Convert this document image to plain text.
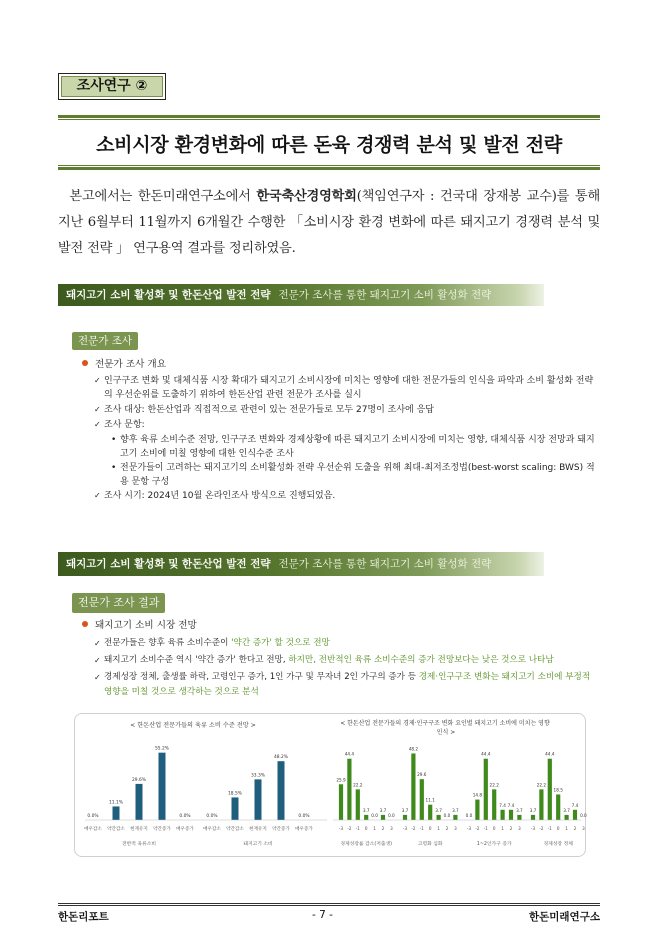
조사연구 ②
소비시장 환경변화에 따른 돈육 경쟁력 분석 및 발전 전략
본고에서는 한돈미래연구소에서 한국축산경영학회(책임연구자 : 건국대 장재봉 교수)를 통해 지난 6월부터 11월까지 6개월간 수행한 「소비시장 환경 변화에 따른 돼지고기 경쟁력 분석 및 발전 전략 」 연구용역 결과를 정리하였음.
돼지고기 소비 활성화 및 한돈산업 발전 전략 전문가 조사를 통한 돼지고기 소비 활성화 전략
전문가 조사
전문가 조사 개요
✓ 인구구조 변화 및 대체식품 시장 확대가 돼지고기 소비시장에 미치는 영향에 대한 전문가들의 인식을 파악과 소비 활성화 전략의 우선순위를 도출하기 위하여 한돈산업 관련 전문가 조사를 실시
✓ 조사 대상: 한돈산업과 직접적으로 관련이 있는 전문가들로 모두 27명이 조사에 응답
✓ 조사 문항:
• 향후 육류 소비수준 전망, 인구구조 변화와 경제상황에 따른 돼지고기 소비시장에 미치는 영향, 대체식품 시장 전망과 돼지고기 소비에 미칠 영향에 대한 인식수준 조사
• 전문가들이 고려하는 돼지고기의 소비활성화 전략 우선순위 도출을 위해 최대-최저조정법(best-worst scaling: BWS) 적용 문항 구성
✓ 조사 시기: 2024년 10월 온라인조사 방식으로 진행되었음.
돼지고기 소비 활성화 및 한돈산업 발전 전략 전문가 조사를 통한 돼지고기 소비 활성화 전략
전문가 조사 결과
돼지고기 소비 시장 전망
✓ 전문가들은 향후 육류 소비수준이 '약간 증가' 할 것으로 전망
✓ 돼지고기 소비수준 역시 '약간 증가' 한다고 전망, 하지만, 전반적인 육류 소비수준의 증가 전망보다는 낮은 것으로 나타남
✓ 경제성장 정체, 출생률 하락, 고령인구 증가, 1인 가구 및 무자녀 2인 가구의 증가 등 경제·인구구조 변화는 돼지고기 소비에 부정적 영향을 미칠 것으로 생각하는 것으로 분석
< 한돈산업 전문가들의 육류 소비 수준 전망 >
0.0%
매우감소
11.1%
약간감소
29.6%
현재유지
55.2%
약간증가
0.0%
매우증가
전반적 육류소비
0.0%
매우감소
18.5%
약간감소
33.3%
현재유지
48.2%
약간증가
0.0%
매우증가
돼지고기 소비
< 한돈산업 전문가들의 경제·인구구조 변화 요인별 돼지고기 소비에 미치는 영향 인식 >
25.9
-3
44.4
-2
22.2
-1
3.7
0
0.0
1
3.7
2
0.0
3
경제성장률 감소(저출생)
3.7
-3
48.2
-2
29.6
-1
11.1
0
3.7
1
0.0
2
3.7
3
고령화 심화
0.0
-3
14.8
-2
44.4
-1
22.2
0
7.4
1
7.4
2
3.7
3
1~2인가구 증가
3.7
-3
22.2
-2
44.4
-1
18.5
0
3.7
1
7.4
2
0.0
3
경제성장 정체
한돈리포트	- 7 -	한돈미래연구소
